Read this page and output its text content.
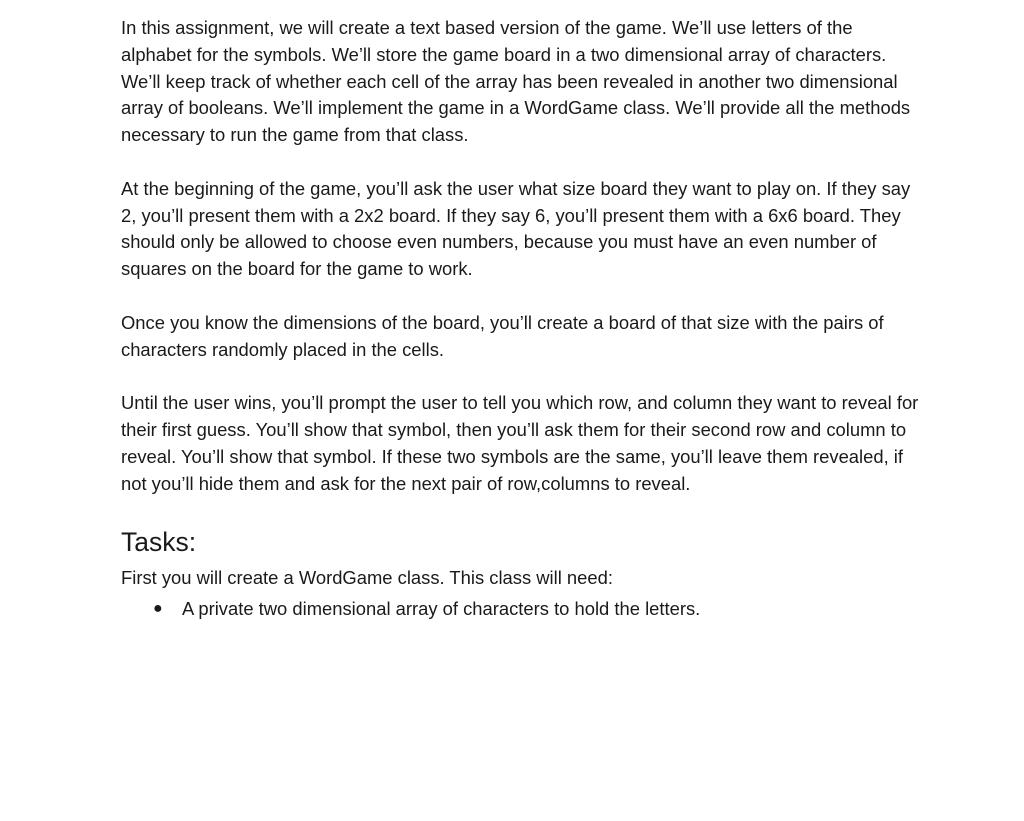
In this assignment, we will create a text based version of the game. We’ll use letters of the alphabet for the symbols. We’ll store the game board in a two dimensional array of characters. We’ll keep track of whether each cell of the array has been revealed in another two dimensional array of booleans. We’ll implement the game in a WordGame class. We’ll provide all the methods necessary to run the game from that class.

At the beginning of the game, you’ll ask the user what size board they want to play on. If they say 2, you’ll present them with a 2x2 board. If they say 6, you’ll present them with a 6x6 board. They should only be allowed to choose even numbers, because you must have an even number of squares on the board for the game to work.

Once you know the dimensions of the board, you’ll create a board of that size with the pairs of characters randomly placed in the cells.

Until the user wins, you’ll prompt the user to tell you which row, and column they want to reveal for their first guess. You’ll show that symbol, then you’ll ask them for their second row and column to reveal. You’ll show that symbol. If these two symbols are the same, you’ll leave them revealed, if not you’ll hide them and ask for the next pair of row,columns to reveal.

Tasks:

First you will create a WordGame class. This class will need:

● A private two dimensional array of characters to hold the letters.
